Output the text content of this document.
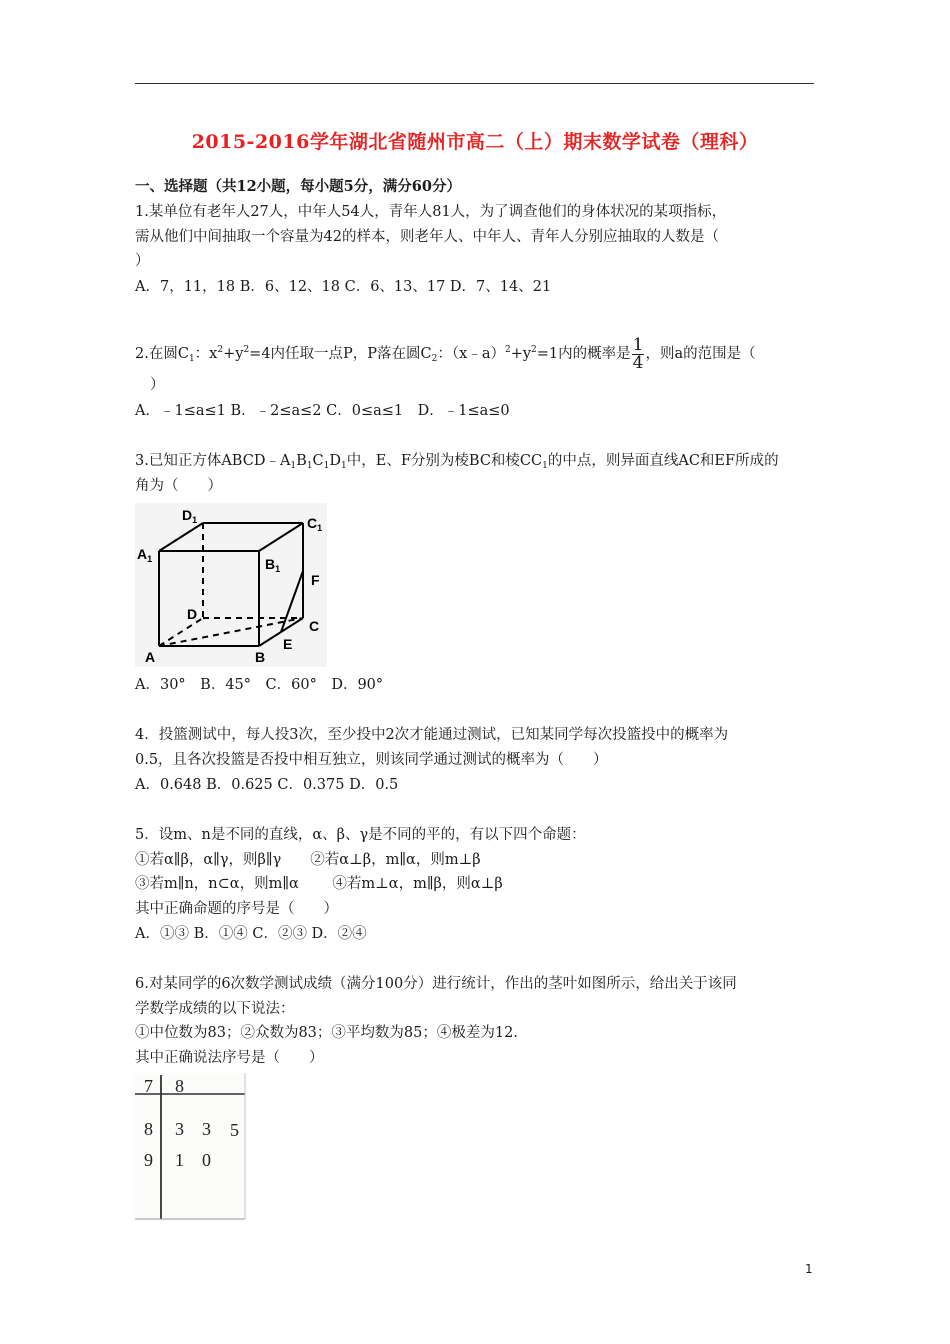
2015-2016学年湖北省随州市高二（上）期末数学试卷（理科）
一、选择题（共12小题，每小题5分，满分60分）
1.某单位有老年人27人，中年人54人，青年人81人，为了调查他们的身体状况的某项指标，
需从他们中间抽取一个容量为42的样本，则老年人、中年人、青年人分别应抽取的人数是（
）
A．7，11，18 B．6、12、18 C．6、13、17 D．7、14、21
2.在圆$C_1$：$x^2+y^2=4$内任取一点P，P落在圆$C_2$：$(x﹣a)^2+y^2=1$内的概率是 $\frac{1}{4}$ ，则a的范围是（
）
A．﹣1≤a≤1 B．﹣2≤a≤2 C．0≤a≤1　D．﹣1≤a≤0
3.已知正方体$ABCD﹣A_1B_1C_1D_1$中，E、F分别为棱BC和棱$CC_1$的中点，则异面直线AC和EF所成的
角为（　　）
$D_1$	$C_1$
$A_1$	$B_1$
F
D
C
E
A	B
A．30°　B．45°　C．60°　D．90°
4．投篮测试中，每人投3次，至少投中2次才能通过测试，已知某同学每次投篮投中的概率为
0.5，且各次投篮是否投中相互独立，则该同学通过测试的概率为（　　）
A．0.648 B．0.625 C．0.375 D．0.5
5．设m、n是不同的直线，α、β、γ是不同的平的，有以下四个命题：
①若α∥β，α∥γ，则β∥γ　　②若α⊥β，m∥α，则m⊥β
③若m∥n，n⊂α，则m∥α　　 ④若m⊥α，m∥β，则α⊥β
其中正确命题的序号是（　　）
A．①③ B．①④ C．②③ D．②④
6.对某同学的6次数学测试成绩（满分100分）进行统计，作出的茎叶如图所示，给出关于该同
学数学成绩的以下说法：
①中位数为83；②众数为83；③平均数为85；④极差为12.
其中正确说法序号是（　　）
7 8
8 3 3 5
9 1 0
1
